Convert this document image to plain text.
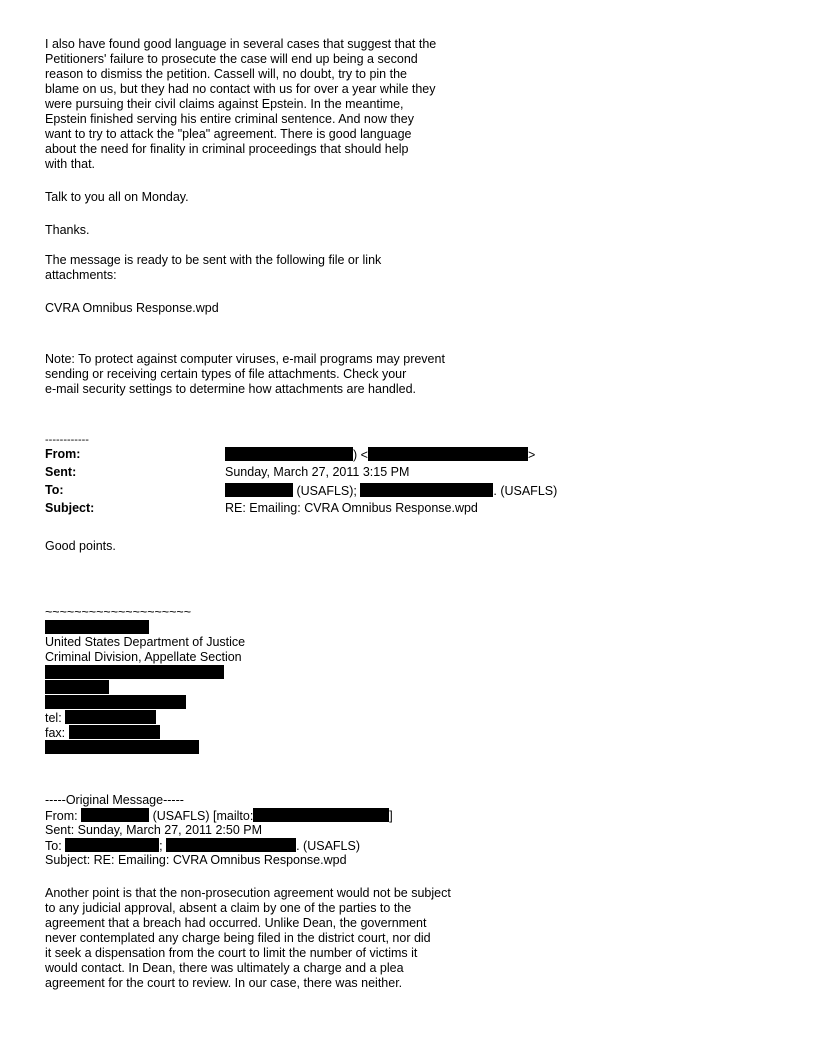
I also have found good language in several cases that suggest that the
Petitioners' failure to prosecute the case will end up being a second
reason to dismiss the petition. Cassell will, no doubt, try to pin the
blame on us, but they had no contact with us for over a year while they
were pursuing their civil claims against Epstein. In the meantime,
Epstein finished serving his entire criminal sentence. And now they
want to try to attack the "plea" agreement. There is good language
about the need for finality in criminal proceedings that should help
with that.

Talk to you all on Monday.

Thanks.

The message is ready to be sent with the following file or link
attachments:

CVRA Omnibus Response.wpd

Note: To protect against computer viruses, e-mail programs may prevent
sending or receiving certain types of file attachments. Check your
e-mail security settings to determine how attachments are handled.

------------
From:	) <	>
Sent:	Sunday, March 27, 2011 3:15 PM
To:	(USAFLS);	. (USAFLS)
Subject:	RE: Emailing: CVRA Omnibus Response.wpd

Good points.

~~~~~~~~~~~~~~~~~~~~
United States Department of Justice
Criminal Division, Appellate Section
tel:
fax:
-----Original Message-----
From:	(USAFLS) [mailto:	]
Sent: Sunday, March 27, 2011 2:50 PM
To:	;	. (USAFLS)
Subject: RE: Emailing: CVRA Omnibus Response.wpd

Another point is that the non-prosecution agreement would not be subject
to any judicial approval, absent a claim by one of the parties to the
agreement that a breach had occurred. Unlike Dean, the government
never contemplated any charge being filed in the district court, nor did
it seek a dispensation from the court to limit the number of victims it
would contact. In Dean, there was ultimately a charge and a plea
agreement for the court to review. In our case, there was neither.
